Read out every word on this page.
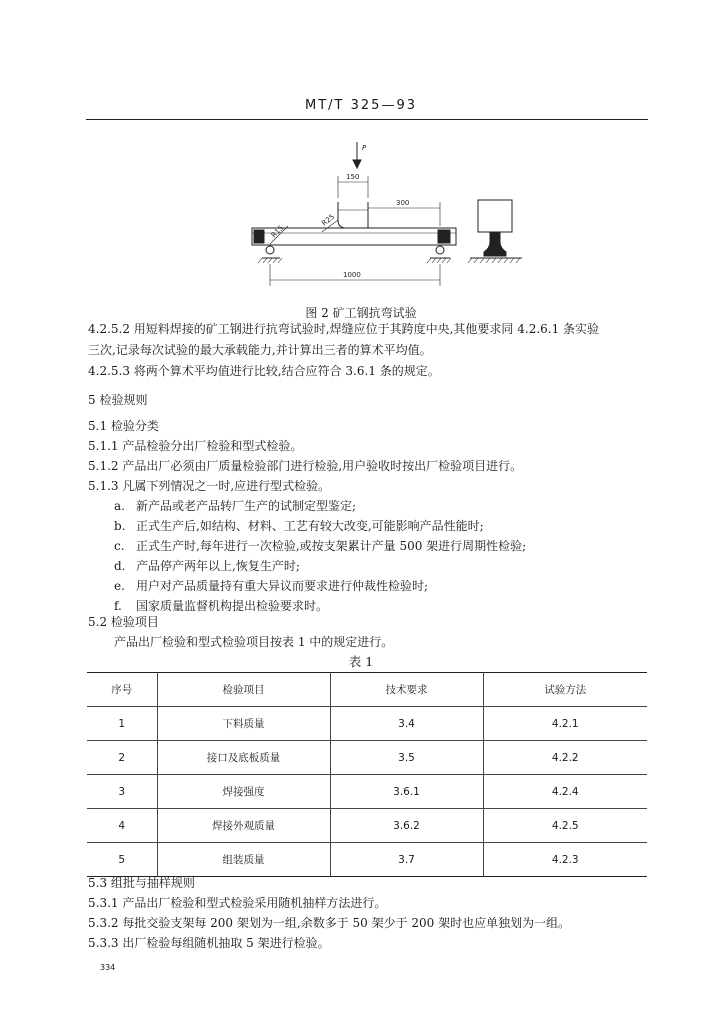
MT/T 325—93
P
150
300
1000
R15
R25
图 2 矿工钢抗弯试验
4.2.5.2 用短料焊接的矿工钢进行抗弯试验时,焊缝应位于其跨度中央,其他要求同 4.2.6.1 条实验
三次,记录每次试验的最大承载能力,并计算出三者的算术平均值。
4.2.5.3 将两个算术平均值进行比较,结合应符合 3.6.1 条的规定。
5 检验规则
5.1 检验分类
5.1.1 产品检验分出厂检验和型式检验。
5.1.2 产品出厂必须由厂质量检验部门进行检验,用户验收时按出厂检验项目进行。
5.1.3 凡属下列情况之一时,应进行型式检验。
a. 新产品或老产品转厂生产的试制定型鉴定;
b. 正式生产后,如结构、材料、工艺有较大改变,可能影响产品性能时;
c. 正式生产时,每年进行一次检验,或按支架累计产量 500 架进行周期性检验;
d. 产品停产两年以上,恢复生产时;
e. 用户对产品质量持有重大异议而要求进行仲裁性检验时;
f. 国家质量监督机构提出检验要求时。
5.2 检验项目
产品出厂检验和型式检验项目按表 1 中的规定进行。
表 1
序号	检验项目	技术要求	试验方法
1	下料质量	3.4	4.2.1
2	接口及底板质量	3.5	4.2.2
3	焊接强度	3.6.1	4.2.4
4	焊接外观质量	3.6.2	4.2.5
5	组装质量	3.7	4.2.3
5.3 组批与抽样规则
5.3.1 产品出厂检验和型式检验采用随机抽样方法进行。
5.3.2 每批交验支架每 200 架划为一组,余数多于 50 架少于 200 架时也应单独划为一组。
5.3.3 出厂检验每组随机抽取 5 架进行检验。
334
